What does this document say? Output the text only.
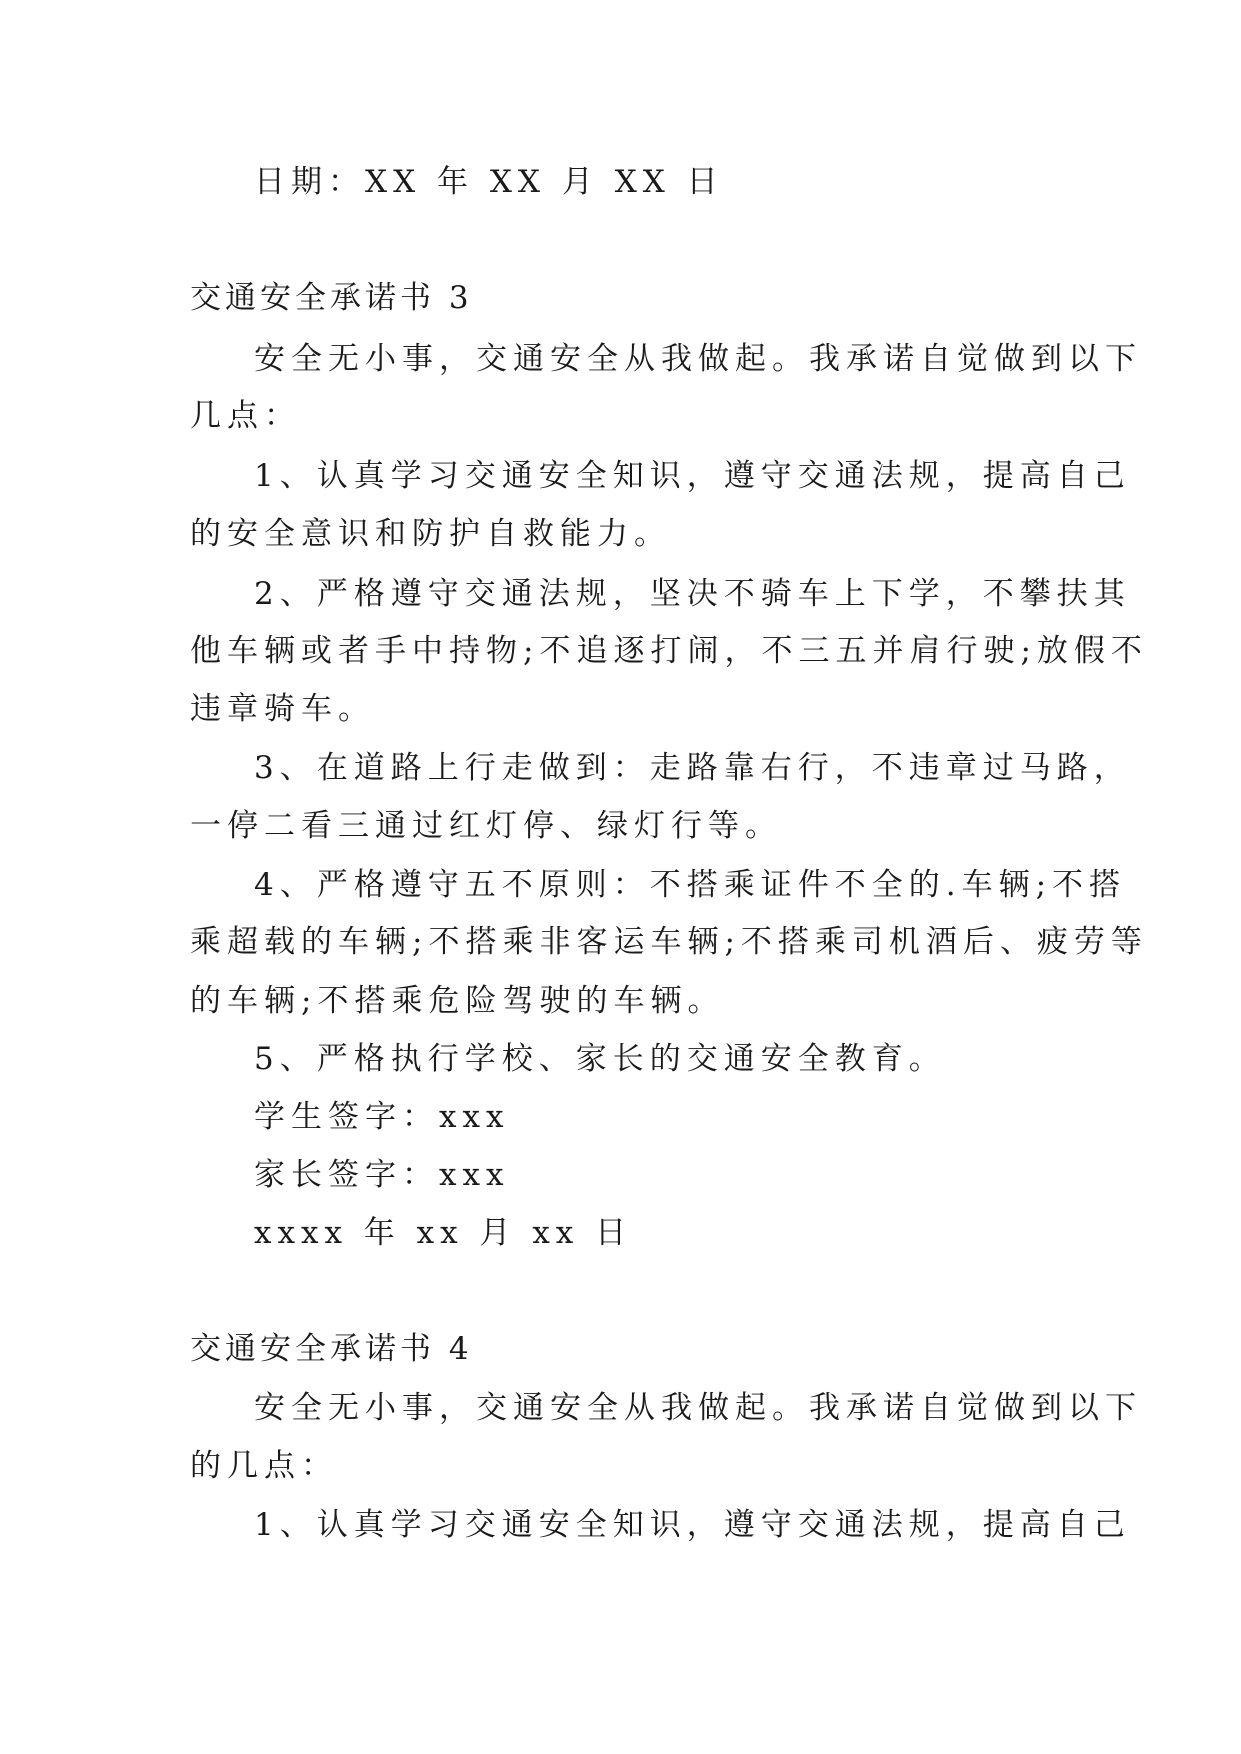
日期：XX 年 XX 月 XX 日
交通安全承诺书 3
安全无小事，交通安全从我做起。我承诺自觉做到以下
几点：
1、认真学习交通安全知识，遵守交通法规，提高自己
的安全意识和防护自救能力。
2、严格遵守交通法规，坚决不骑车上下学，不攀扶其
他车辆或者手中持物;不追逐打闹，不三五并肩行驶;放假不
违章骑车。
3、在道路上行走做到：走路靠右行，不违章过马路，
一停二看三通过红灯停、绿灯行等。
4、严格遵守五不原则：不搭乘证件不全的.车辆;不搭
乘超载的车辆;不搭乘非客运车辆;不搭乘司机酒后、疲劳等
的车辆;不搭乘危险驾驶的车辆。
5、严格执行学校、家长的交通安全教育。
学生签字：xxx
家长签字：xxx
xxxx 年 xx 月 xx 日
交通安全承诺书 4
安全无小事，交通安全从我做起。我承诺自觉做到以下
的几点：
1、认真学习交通安全知识，遵守交通法规，提高自己
